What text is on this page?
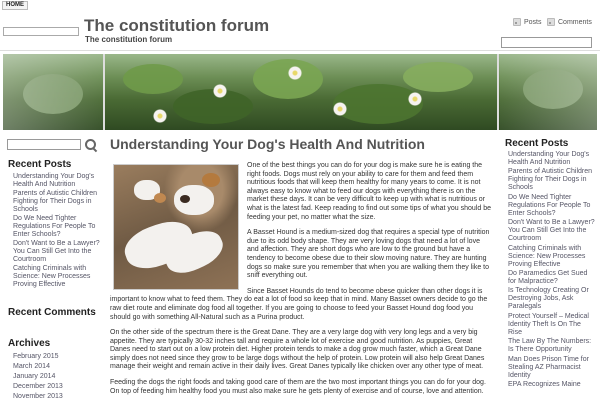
HOME
The constitution forum
The constitution forum
Posts Comments
Recent Posts
Understanding Your Dog's Health And Nutrition
Parents of Autistic Children Fighting for Their Dogs in Schools
Do We Need Tighter Regulations For People To Enter Schools?
Don't Want to Be a Lawyer? You Can Still Get Into the Courtroom
Catching Criminals with Science: New Processes Proving Effective
Recent Comments
Archives
February 2015
March 2014
January 2014
December 2013
November 2013
Understanding Your Dog's Health And Nutrition

One of the best things you can do for your dog is make sure he is eating the right foods. Dogs must rely on your ability to care for them and feed them nutritious foods that will keep them healthy for many years to come. It is not always easy to know what to feed our dogs with everything there is on the market these days. It can be very difficult to keep up with what is nutritious or what is the latest fad. Keep reading to find out some tips of what you should be feeding your pet, no matter what the size.

A Basset Hound is a medium-sized dog that requires a special type of nutrition due to its odd body shape. They are very loving dogs that need a lot of love and affection. They are short dogs who are low to the ground but have a tendency to become obese due to their slow moving nature. They are hunting dogs so make sure you remember that when you are walking them they like to sniff everything out.

Since Basset Hounds do tend to become obese quicker than other dogs it is important to know what to feed them. They do eat a lot of food so keep that in mind. Many Basset owners decide to go the raw diet route and eliminate dog food all together. If you are going to choose to feed your Basset Hound dog food you should go with something All-Natural such as a Purina product.

On the other side of the spectrum there is the Great Dane. They are a very large dog with very long legs and a very big appetite. They are typically 30-32 inches tall and require a whole lot of exercise and good nutrition. As puppies, Great Danes need to start out on a low protein diet. Higher protein tends to make a dog grow much faster, which a Great Dane simply does not need since they grow to be large dogs without the help of protein. Low protein will also help Great Danes manage their weight and remain active in their daily lives. Great Danes typically like chicken over any other type of meat.

Feeding the dogs the right foods and taking good care of them are the two most important things you can do for your dog. On top of feeding him healthy food you must also make sure he gets plenty of exercise and of course, love and attention.

Recent Posts
Understanding Your Dog's Health And Nutrition
Parents of Autistic Children Fighting for Their Dogs in Schools
Do We Need Tighter Regulations For People To Enter Schools?
Don't Want to Be a Lawyer? You Can Still Get Into the Courtroom
Catching Criminals with Science: New Processes Proving Effective
Do Paramedics Get Sued for Malpractice?
Is Technology Creating Or Destroying Jobs, Ask Paralegals
Protect Yourself – Medical Identity Theft Is On The Rise
The Law By The Numbers: Is There Opportunity
Man Does Prison Time for Stealing AZ Pharmacist Identity
EPA Recognizes Maine
